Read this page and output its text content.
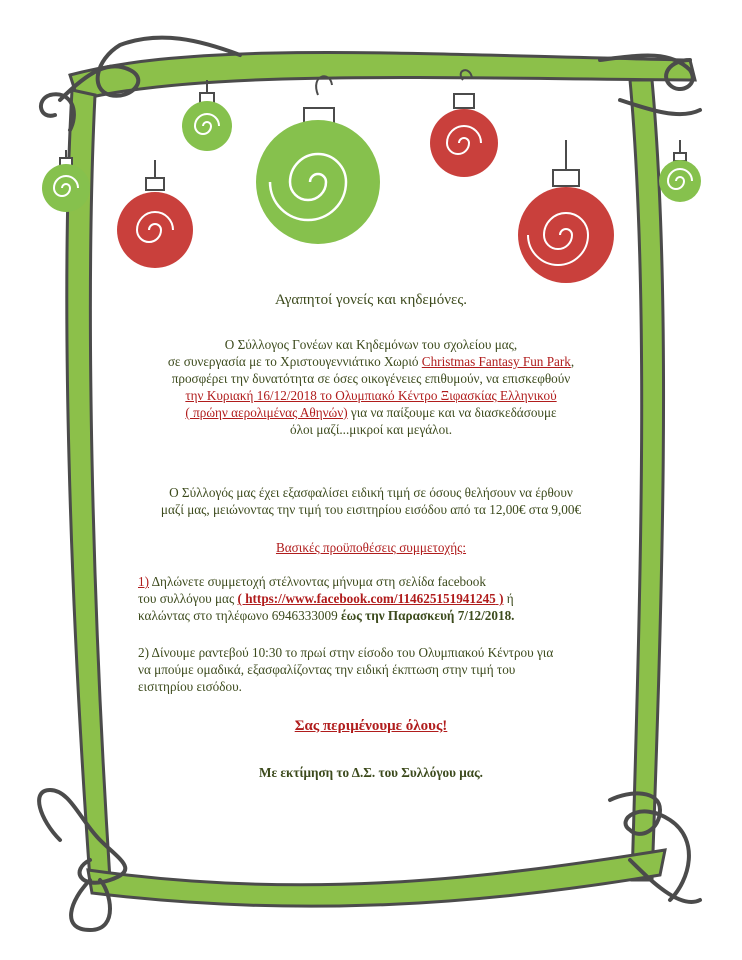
Αγαπητοί γονείς και κηδεμόνες.
Ο Σύλλογος Γονέων και Κηδεμόνων του σχολείου μας,
σε συνεργασία με το Χριστουγεννιάτικο Χωριό Christmas Fantasy Fun Park,
προσφέρει την δυνατότητα σε όσες οικογένειες επιθυμούν, να επισκεφθούν
την Κυριακή 16/12/2018 το Ολυμπιακό Κέντρο Ξιφασκίας Ελληνικού
( πρώην αερολιμένας Αθηνών) για να παίξουμε και να διασκεδάσουμε
όλοι μαζί...μικροί και μεγάλοι.
Ο Σύλλογός μας έχει εξασφαλίσει ειδική τιμή σε όσους θελήσουν να έρθουν
μαζί μας, μειώνοντας την τιμή του εισιτηρίου εισόδου από τα 12,00€ στα 9,00€
Βασικές προϋποθέσεις συμμετοχής:
1) Δηλώνετε συμμετοχή στέλνοντας μήνυμα στη σελίδα facebook
του συλλόγου μας ( https://www.facebook.com/114625151941245 ) ή
καλώντας στο τηλέφωνο 6946333009 έως την Παρασκευή 7/12/2018.
2) Δίνουμε ραντεβού 10:30 το πρωί στην είσοδο του Ολυμπιακού Κέντρου για
να μπούμε ομαδικά, εξασφαλίζοντας την ειδική έκπτωση στην τιμή του
εισιτηρίου εισόδου.
Σας περιμένουμε όλους!
Με εκτίμηση το Δ.Σ. του Συλλόγου μας.
